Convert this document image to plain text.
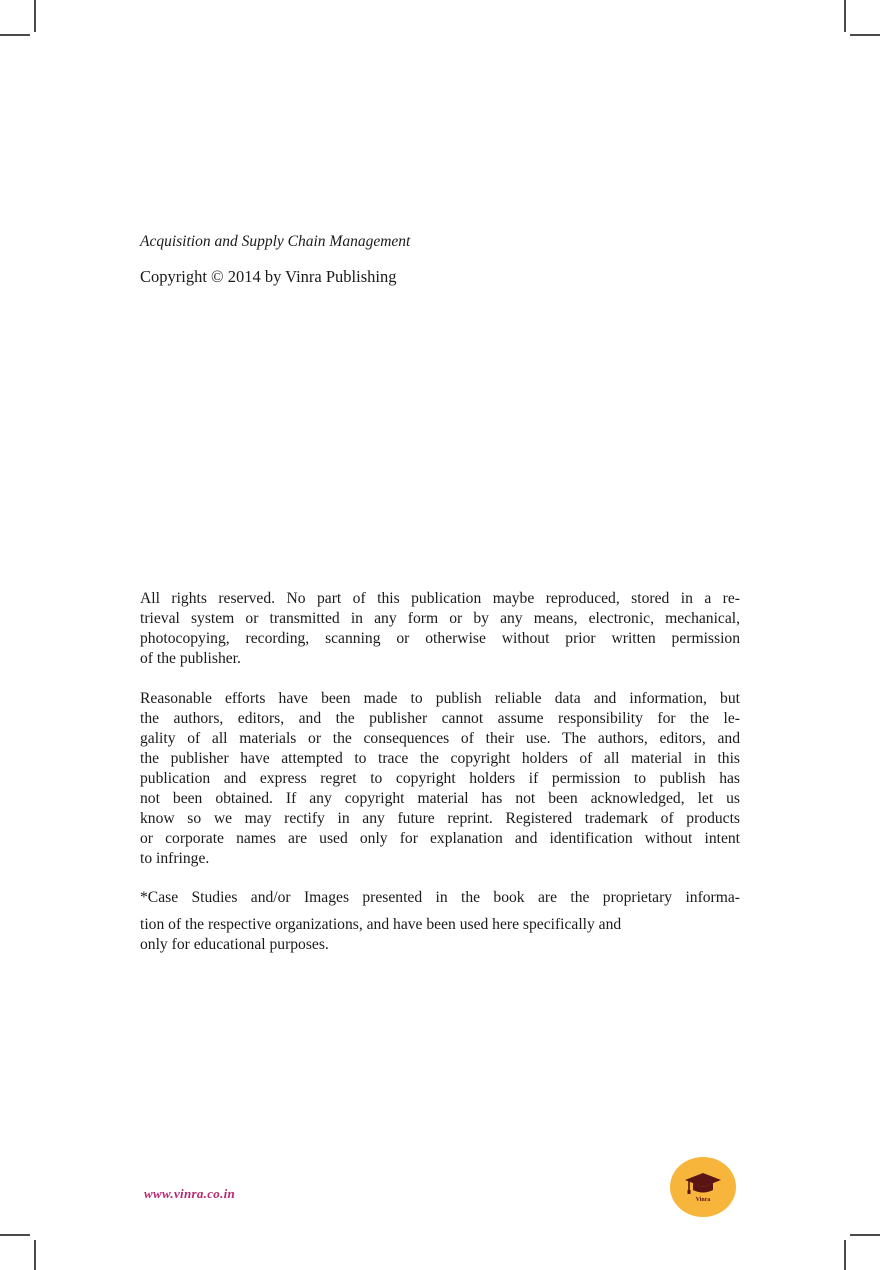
Acquisition and Supply Chain Management
Copyright © 2014 by Vinra Publishing
All rights reserved. No part of this publication maybe reproduced, stored in a re-
trieval system or transmitted in any form or by any means, electronic, mechanical,
photocopying, recording, scanning or otherwise without prior written permission
of the publisher.
Reasonable efforts have been made to publish reliable data and information, but
the authors, editors, and the publisher cannot assume responsibility for the le-
gality of all materials or the consequences of their use. The authors, editors, and
the publisher have attempted to trace the copyright holders of all material in this
publication and express regret to copyright holders if permission to publish has
not been obtained. If any copyright material has not been acknowledged, let us
know so we may rectify in any future reprint. Registered trademark of products
or corporate names are used only for explanation and identification without intent
to infringe.
*Case Studies and/or Images presented in the book are the proprietary informa-
tion of the respective organizations, and have been used here specifically and
only for educational purposes.
www.vinra.co.in	Vinra
